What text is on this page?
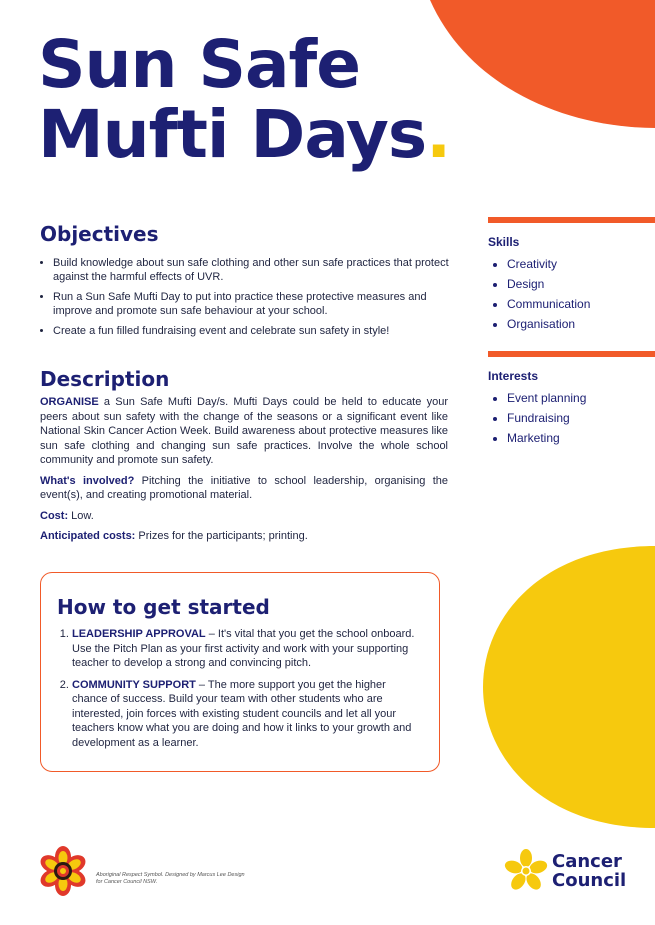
Sun Safe
Mufti Days.
Objectives
• Build knowledge about sun safe clothing and other sun safe practices that protect against the harmful effects of UVR.
• Run a Sun Safe Mufti Day to put into practice these protective measures and improve and promote sun safe behaviour at your school.
• Create a fun filled fundraising event and celebrate sun safety in style!
Description

ORGANISE a Sun Safe Mufti Day/s. Mufti Days could be held to educate your peers about sun safety with the change of the seasons or a significant event like National Skin Cancer Action Week. Build awareness about protective measures like sun safe clothing and changing sun safe practices. Involve the whole school community and promote sun safety.

What's involved? Pitching the initiative to school leadership, organising the event(s), and creating promotional material.

Cost: Low.

Anticipated costs: Prizes for the participants; printing.

How to get started
1. LEADERSHIP APPROVAL – It's vital that you get the school onboard. Use the Pitch Plan as your first activity and work with your supporting teacher to develop a strong and convincing pitch.
2. COMMUNITY SUPPORT – The more support you get the higher chance of success. Build your team with other students who are interested, join forces with existing student councils and let all your teachers know what you are doing and how it links to your growth and development as a learner.
Skills
• Creativity
• Design
• Communication
• Organisation
Interests
• Event planning
• Fundraising
• Marketing
Aboriginal Respect Symbol. Designed by Marcus Lee Design for Cancer Council NSW.
Cancer
Council
